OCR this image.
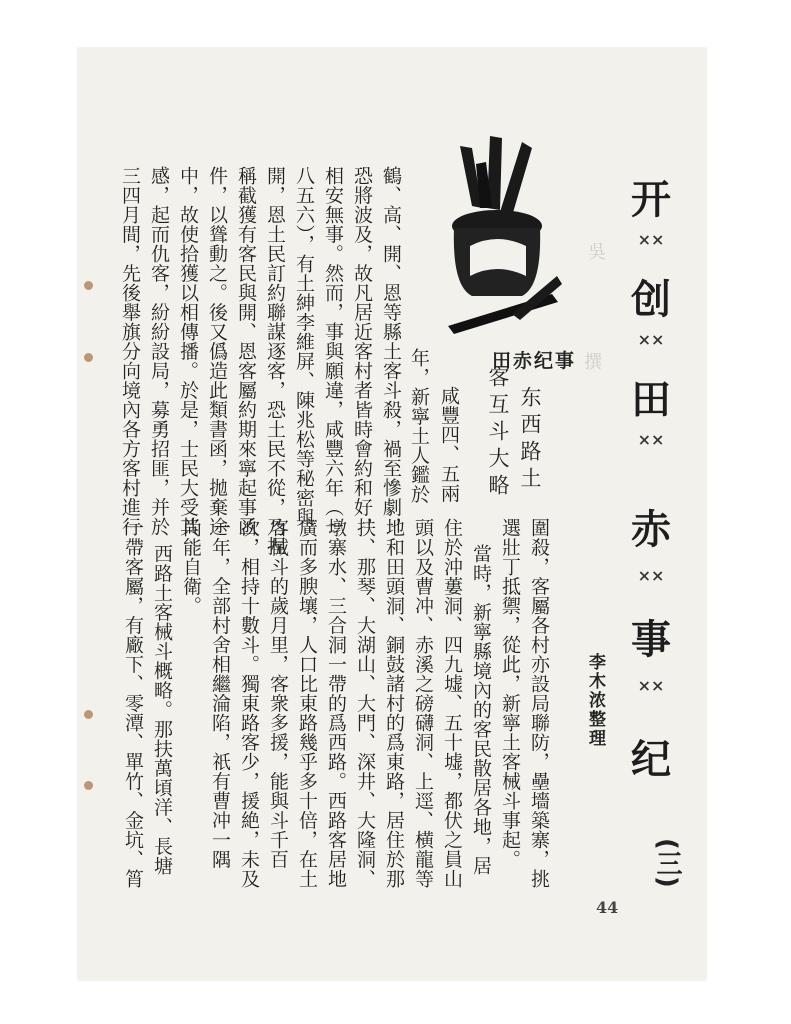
吳
撰
开
××
创
××
田
××
赤
××
事
××
纪
(三)
李木浓整理
田赤纪事
东西路土
客互斗大略
咸豐四、五兩
年，新寧土人鑑於
鶴、高、開、恩等縣土客斗殺，禍至慘劇，
恐將波及，故凡居近客村者皆時會約和好，
相安無事。然而，事與願違，咸豐六年（一
八五六），有土紳李維屏、陳兆松等秘密與
開，恩土民訂約聯謀逐客，恐土民不從，乃捏
稱截獲有客民與開、恩客屬約期來寧起事函
件，以聳動之。後又僞造此類書函，拋棄途
中，故使拾獲以相傳播。於是，士民大受其
感，起而仇客，紛紛設局，募勇招匪，并於
三四月間，先後舉旗分向境內各方客村進行
圍殺，客屬各村亦設局聯防，壘墻築寨，挑
選壯丁抵禦，從此，新寧土客械斗事起。
當時，新寧縣境內的客民散居各地，居
住於沖蔞洞、四九墟、五十墟，都伏之員山
頭以及曹冲、赤溪之磅礴洞、上逕、横龍等
地和田頭洞、銅鼓諸村的爲東路，居住於那
扶、那琴、大湖山、大門、深井、大隆洞、
墩寨水、三合洞一帶的爲西路。西路客居地
廣而多腴壤，人口比東路幾乎多十倍，在土
客械斗的歲月里，客衆多援，能與斗千百
次，相持十數斗。獨東路客少，援絶，未及
一年，全部村舍相繼淪陷，祇有曹冲一隅
尚能自衛。
西路土客械斗概略。那扶萬頃洋、長塘
一帶客屬，有廠下、零潭、單竹、金坑、筲
44
